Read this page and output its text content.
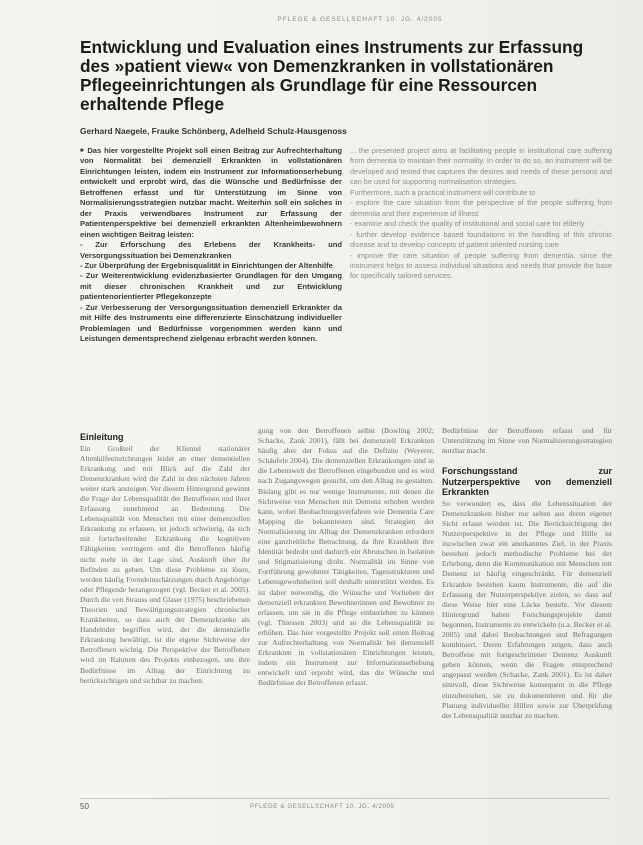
PFLEGE & GESELLSCHAFT 10. JG. 4/2005
Entwicklung und Evaluation eines Instruments zur Erfassung des »patient view« von Demenzkranken in vollstationären Pflegeeinrichtungen als Grundlage für eine Ressourcen erhaltende Pflege
Gerhard Naegele, Frauke Schönberg, Adelheid Schulz-Hausgenoss

■ Das hier vorgestellte Projekt soll einen Beitrag zur Aufrechterhaltung von Normalität bei demenziell Erkrankten in vollstationären Einrichtungen leisten, indem ein Instrument zur Informationserhebung entwickelt und erprobt wird, das die Wünsche und Bedürfnisse der Betroffenen erfasst und für Unterstützung im Sinne von Normalisierungsstrategien nutzbar macht. Weiterhin soll ein solches in der Praxis verwendbares Instrument zur Erfassung der Patientenperspektive bei demenziell erkrankten Altenheimbewohnern einen wichtigen Beitrag leisten:

- Zur Erforschung des Erlebens der Krankheits- und Versorgungssituation bei Demenzkranken

- Zur Überprüfung der Ergebnisqualität in Einrichtungen der Altenhilfe

- Zur Weiterentwicklung evidenzbasierter Grundlagen für den Umgang mit dieser chronischen Krankheit und zur Entwicklung patientenorientierter Pflegekonzepte

- Zur Verbesserung der Versorgungssituation demenziell Erkrankter da mit Hilfe des Instruments eine differenzierte Einschätzung individueller Problemlagen und Bedürfnisse vorgenommen werden kann und Leistungen dementsprechend zielgenau erbracht werden können.

... the presented project aims at facilitating people in institutional care suffering from dementia to maintain their normality. In order to do so, an instrument will be developed and tested that captures the desires and needs of these persons and can be used for supporting normalisation strategies.

Furthermore, such a practical instrument will contribute to

- explore the care situation from the perspective of the people suffering from dementia and their experience of illness

- examine and check the quality of institutional and social care for elderly

- further develop evidence based foundations in the handling of this chronic disease and to develop concepts of patient oriented nursing care

- improve the care situation of people suffering from dementia, since the instrument helps to assess individual situations and needs that provide the base for specifically tailored services.

Einleitung

Ein Großteil der Klientel stationärer Altenhilfeeinrichtungen leidet an einer dementiellen Erkrankung und mit Blick auf die Zahl der Demenzkranken wird die Zahl in den nächsten Jahren weiter stark ansteigen. Vor diesem Hintergrund gewinnt die Frage der Lebensqualität der Betroffenen und ihrer Erfassung zunehmend an Bedeutung. Die Lebensqualität von Menschen mit einer demenziellen Erkrankung zu erfassen, ist jedoch schwierig, da sich mit fortschreitender Erkrankung die kognitiven Fähigkeiten verringern und die Betroffenen häufig nicht mehr in der Lage sind, Auskunft über ihr Befinden zu geben. Um diese Probleme zu lösen, werden häufig Fremdeinschätzungen durch Angehörige oder Pflegende herangezogen (vgl. Becker et al. 2005). Durch die von Strauss und Glaser (1975) beschriebenen Theorien und Bewältigungsstrategien chronischer Krankheiten, so dass auch der Demenzkranke als Handelnder begriffen wird, der die demenzielle Erkrankung bewältigt, ist die eigene Sichtweise der Betroffenen wichtig. Die Perspektive der Betroffenen wird im Rahmen des Projekts einbezogen, um ihre Bedürfnisse im Alltag der Einrichtung zu berücksichtigen und sichtbar zu machen.

gung von den Betroffenen selbst (Bowling 2002; Schacke, Zank 2001), fällt bei demenziell Erkrankten häufig aber der Fokus auf die Defizite (Weyerer, Schäufele 2004). Die demenziellen Erkrankungen sind in die Lebenswelt der Betroffenen eingebunden und es wird nach Zugangswegen gesucht, um den Alltag zu gestalten. Bislang gibt es nur wenige Instrumente, mit denen die Sichtweise von Menschen mit Demenz erhoben werden kann, wobei Beobachtungsverfahren wie Dementia Care Mapping die bekanntesten sind. Strategien der Normalisierung im Alltag der Demenzkranken erfordern eine ganzheitliche Betrachtung, da ihre Krankheit ihre Identität bedroht und dadurch ein Abrutschen in Isolation und Stigmatisierung droht. Normalität im Sinne von Fortführung gewohnter Tätigkeiten, Tagesstrukturen und Lebensgewohnheiten soll deshalb unterstützt werden. Es ist daher notwendig, die Wünsche und Vorlieben der demenziell erkrankten Bewohnerinnen und Bewohner zu erfassen, um sie in die Pflege einbeziehen zu können (vgl. Thiessen 2003) und so die Lebensqualität zu erhöhen. Das hier vorgestellte Projekt soll einen Beitrag zur Aufrechterhaltung von Normalität bei demenziell Erkrankten in vollstationären Einrichtungen leisten, indem ein Instrument zur Informationserhebung entwickelt und erprobt wird, das die Wünsche und Bedürfnisse der Betroffenen erfasst.

Bedürfnisse der Betroffenen erfasst und für Unterstützung im Sinne von Normalisierungsstrategien nutzbar macht.

Forschungsstand zur Nutzerperspektive von demenziell Erkrankten

So verwundert es, dass die Lebenssituation der Demenzkranken bisher nur selten aus deren eigener Sicht erfasst worden ist. Die Berücksichtigung der Nutzerperspektive in der Pflege und Hilfe ist inzwischen zwar ein anerkanntes Ziel, in der Praxis bestehen jedoch methodische Probleme bei der Erhebung, denn die Kommunikation mit Menschen mit Demenz ist häufig eingeschränkt. Für demenziell Erkrankte bestehen kaum Instrumente, die auf die Erfassung der Nutzerperspektive zielen, so dass auf diese Weise hier eine Lücke besteht. Vor diesem Hintergrund haben Forschungsprojekte damit begonnen, Instrumente zu entwickeln (u.a. Becker et al. 2005) und dabei Beobachtungen und Befragungen kombiniert. Deren Erfahrungen zeigen, dass auch Betroffene mit fortgeschrittener Demenz Auskunft geben können, wenn die Fragen entsprechend angepasst werden (Schacke, Zank 2001). Es ist daher sinnvoll, diese Sichtweise konsequent in die Pflege einzubeziehen, sie zu dokumentieren und für die Planung individueller Hilfen sowie zur Überprüfung der Lebensqualität nutzbar zu machen.

50	PFLEGE & GESELLSCHAFT 10. JG. 4/2005
